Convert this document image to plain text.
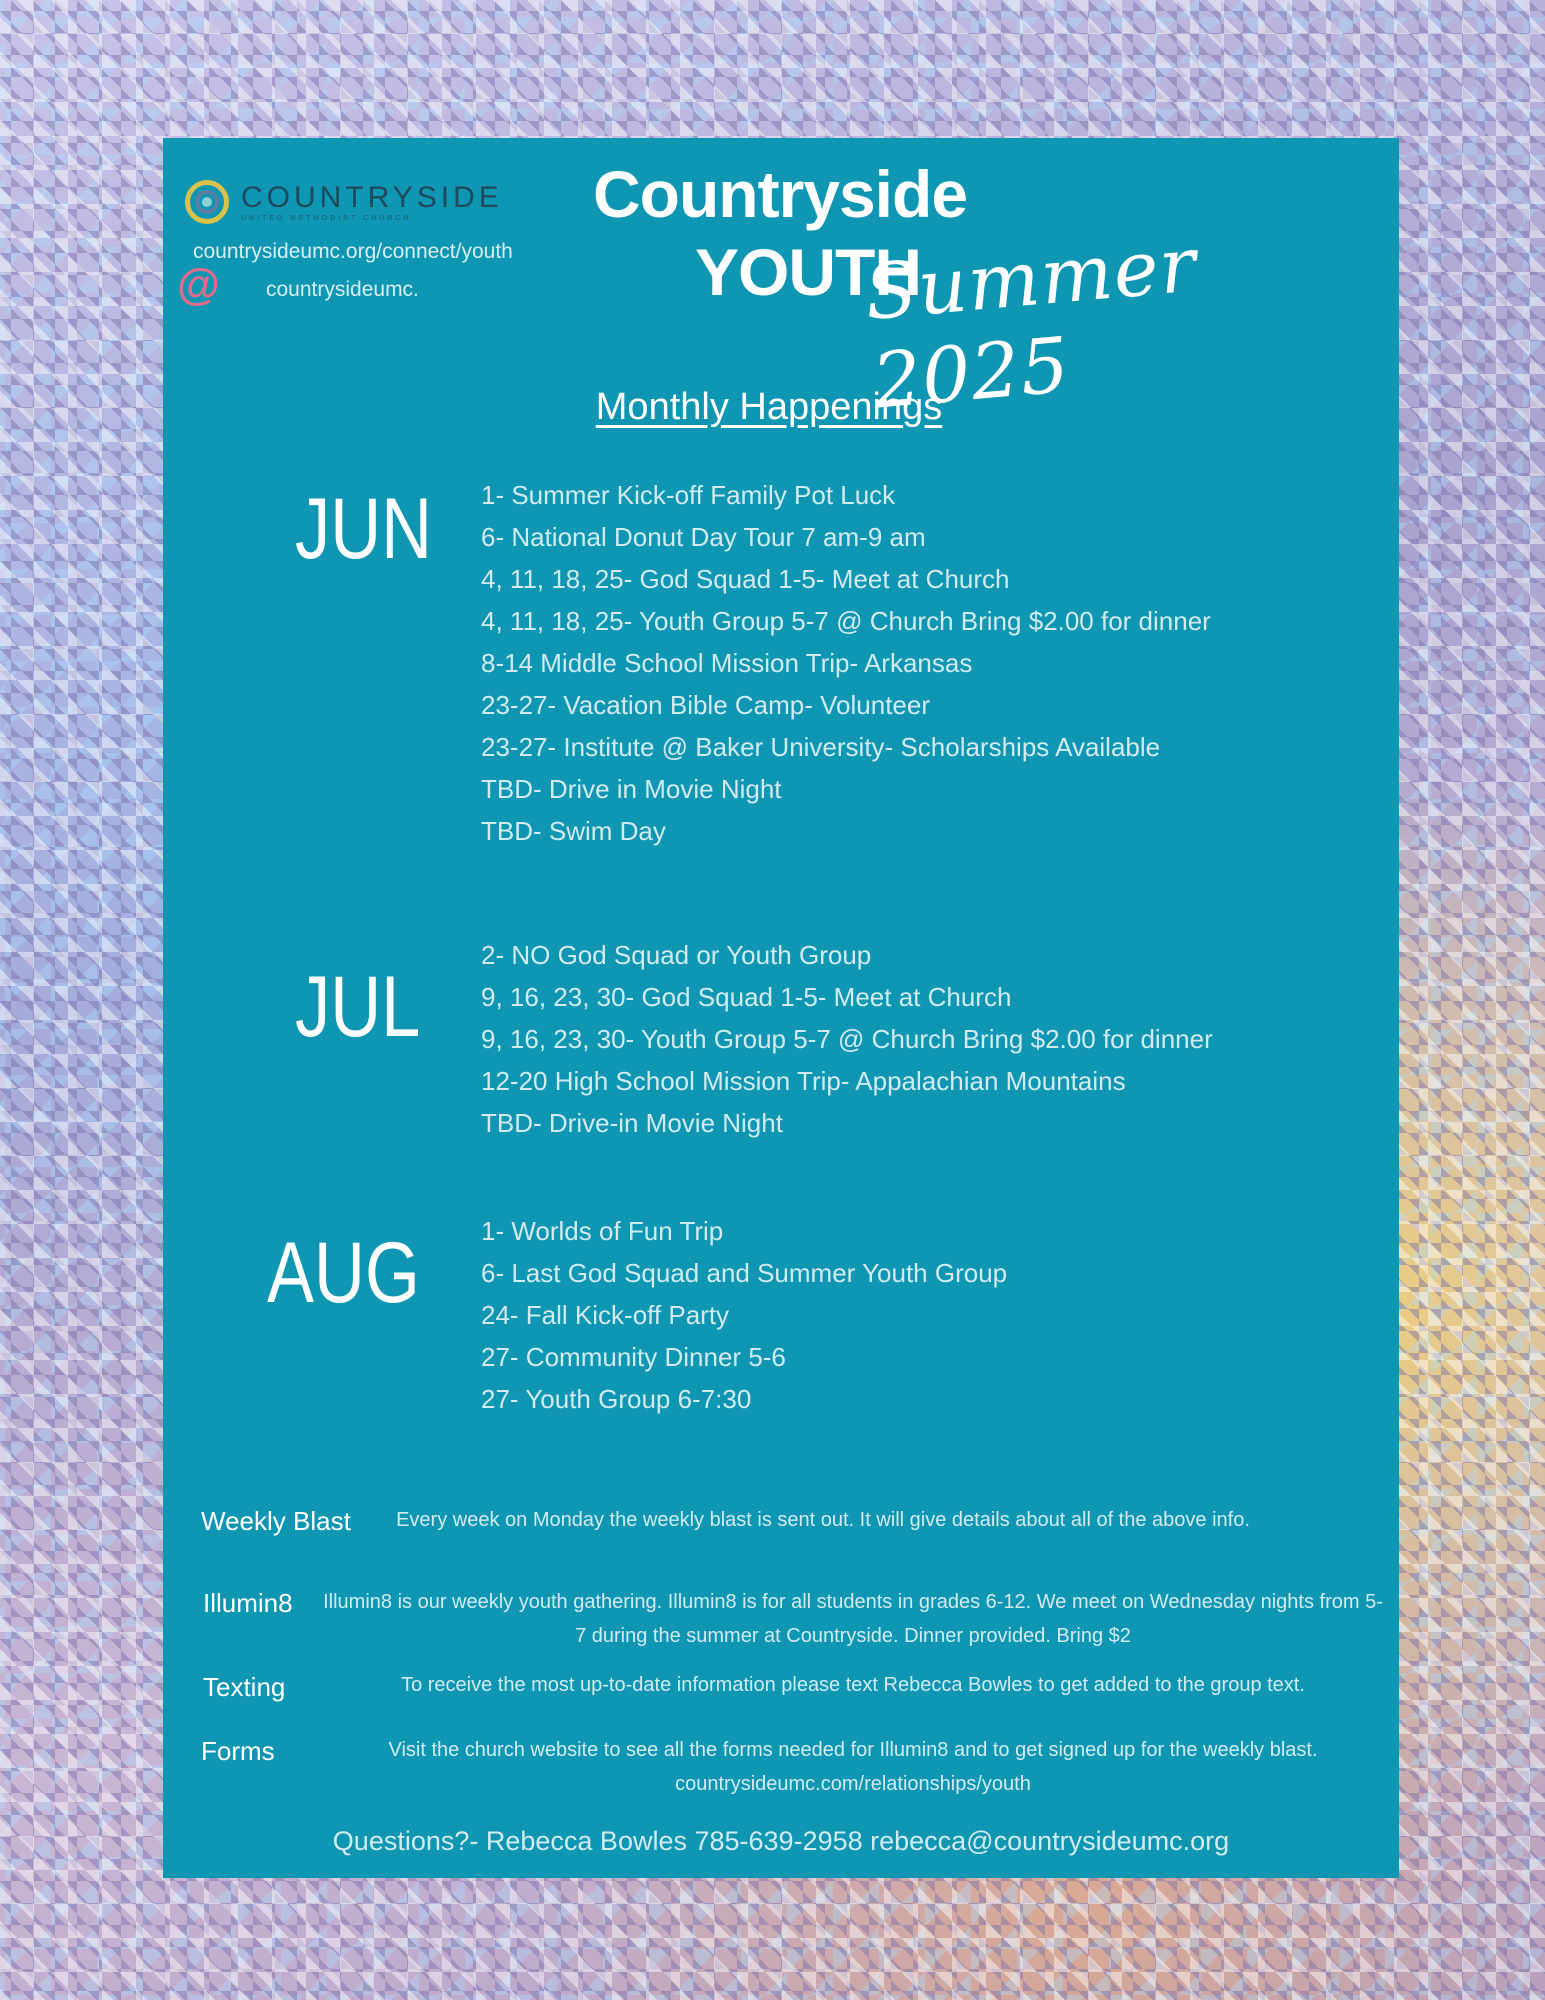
COUNTRYSIDE
UNITED METHODIST CHURCH
countrysideumc.org/connect/youth
@ countrysideumc.
Countryside
YOUTH
Summer 2025
Monthly Happenings
JUN 1- Summer Kick-off Family Pot Luck
6- National Donut Day Tour 7 am-9 am
4, 11, 18, 25- God Squad 1-5- Meet at Church
4, 11, 18, 25- Youth Group 5-7 @ Church Bring $2.00 for dinner
8-14 Middle School Mission Trip- Arkansas
23-27- Vacation Bible Camp- Volunteer
23-27- Institute @ Baker University- Scholarships Available
TBD- Drive in Movie Night
TBD- Swim Day
JUL
2- NO God Squad or Youth Group
9, 16, 23, 30- God Squad 1-5- Meet at Church
9, 16, 23, 30- Youth Group 5-7 @ Church Bring $2.00 for dinner
12-20 High School Mission Trip- Appalachian Mountains
TBD- Drive-in Movie Night
AUG 1- Worlds of Fun Trip
6- Last God Squad and Summer Youth Group
24- Fall Kick-off Party
27- Community Dinner 5-6
27- Youth Group 6-7:30
Weekly Blast	Every week on Monday the weekly blast is sent out. It will give details about all of the above info.
Illumin8 Illumin8 is our weekly youth gathering. Illumin8 is for all students in grades 6-12. We meet on Wednesday nights from 5-7 during the summer at Countryside. Dinner provided. Bring $2
Texting	To receive the most up-to-date information please text Rebecca Bowles to get added to the group text.
Forms	Visit the church website to see all the forms needed for Illumin8 and to get signed up for the weekly blast.
countrysideumc.com/relationships/youth
Questions?- Rebecca Bowles 785-639-2958 rebecca@countrysideumc.org
